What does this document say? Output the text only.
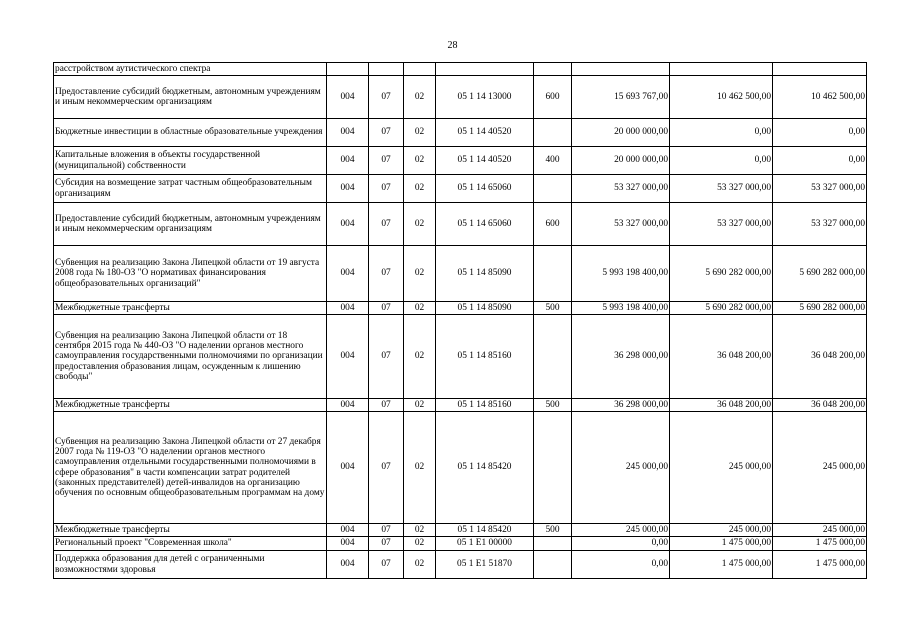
28
расстройством аутистического спектра								
Предоставление субсидий бюджетным, автономным учреждениям и иным некоммерческим организациям	004	07	02	05 1 14 13000	600	15 693 767,00	10 462 500,00	10 462 500,00
Бюджетные инвестиции в областные образовательные учреждения	004	07	02	05 1 14 40520		20 000 000,00	0,00	0,00
Капитальные вложения в объекты государственной (муниципальной) собственности	004	07	02	05 1 14 40520	400	20 000 000,00	0,00	0,00
Субсидия на возмещение затрат частным общеобразовательным организациям	004	07	02	05 1 14 65060		53 327 000,00	53 327 000,00	53 327 000,00
Предоставление субсидий бюджетным, автономным учреждениям и иным некоммерческим организациям	004	07	02	05 1 14 65060	600	53 327 000,00	53 327 000,00	53 327 000,00
Субвенция на реализацию Закона Липецкой области от 19 августа 2008 года № 180-ОЗ "О нормативах финансирования общеобразовательных организаций"	004	07	02	05 1 14 85090		5 993 198 400,00	5 690 282 000,00	5 690 282 000,00
Межбюджетные трансферты	004	07	02	05 1 14 85090	500	5 993 198 400,00	5 690 282 000,00	5 690 282 000,00
Субвенция на реализацию Закона Липецкой области от 18 сентября 2015 года № 440-ОЗ "О наделении органов местного самоуправления государственными полномочиями по организации предоставления образования лицам, осужденным к лишению свободы"	004	07	02	05 1 14 85160		36 298 000,00	36 048 200,00	36 048 200,00
Межбюджетные трансферты	004	07	02	05 1 14 85160	500	36 298 000,00	36 048 200,00	36 048 200,00
Субвенция на реализацию Закона Липецкой области от 27 декабря 2007 года № 119-ОЗ "О наделении органов местного самоуправления отдельными государственными полномочиями в сфере образования" в части компенсации затрат родителей (законных представителей) детей-инвалидов на организацию обучения по основным общеобразовательным программам на дому	004	07	02	05 1 14 85420		245 000,00	245 000,00	245 000,00
Межбюджетные трансферты	004	07	02	05 1 14 85420	500	245 000,00	245 000,00	245 000,00
Региональный проект "Современная школа"	004	07	02	05 1 E1 00000		0,00	1 475 000,00	1 475 000,00
Поддержка образования для детей с ограниченными возможностями здоровья	004	07	02	05 1 E1 51870		0,00	1 475 000,00	1 475 000,00
